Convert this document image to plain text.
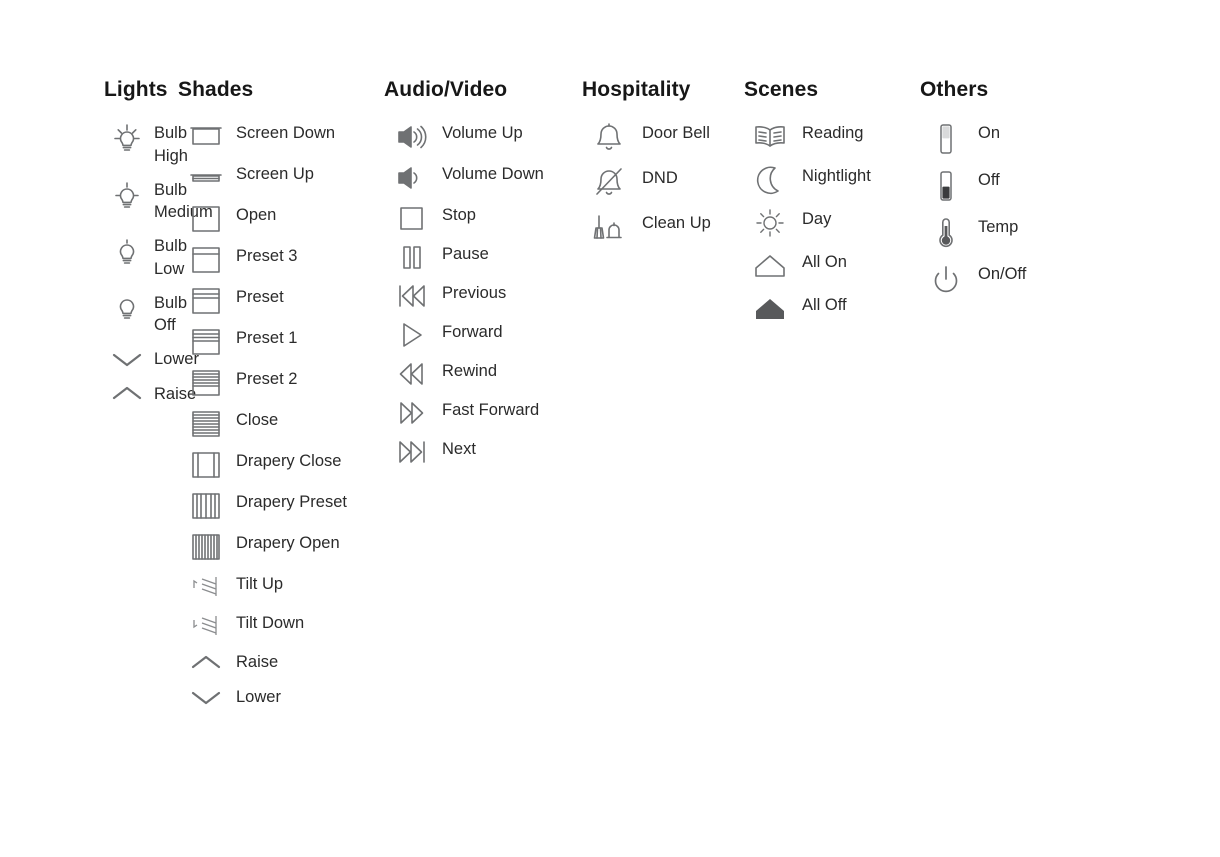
Lights
Bulb High
Bulb Medium
Bulb Low
Bulb Off
Lower
Raise
Shades
Screen Down
Screen Up
Open
Preset 3
Preset
Preset 1
Preset 2
Close
Drapery Close
Drapery Preset
Drapery Open
Tilt Up
Tilt Down
Raise
Lower
Audio/Video
Volume Up
Volume Down
Stop
Pause
Previous
Forward
Rewind
Fast Forward
Next
Hospitality
Door Bell
DND
Clean Up
Scenes
Reading
Nightlight
Day
All On
All Off
Others
On
Off
Temp
On/Off
